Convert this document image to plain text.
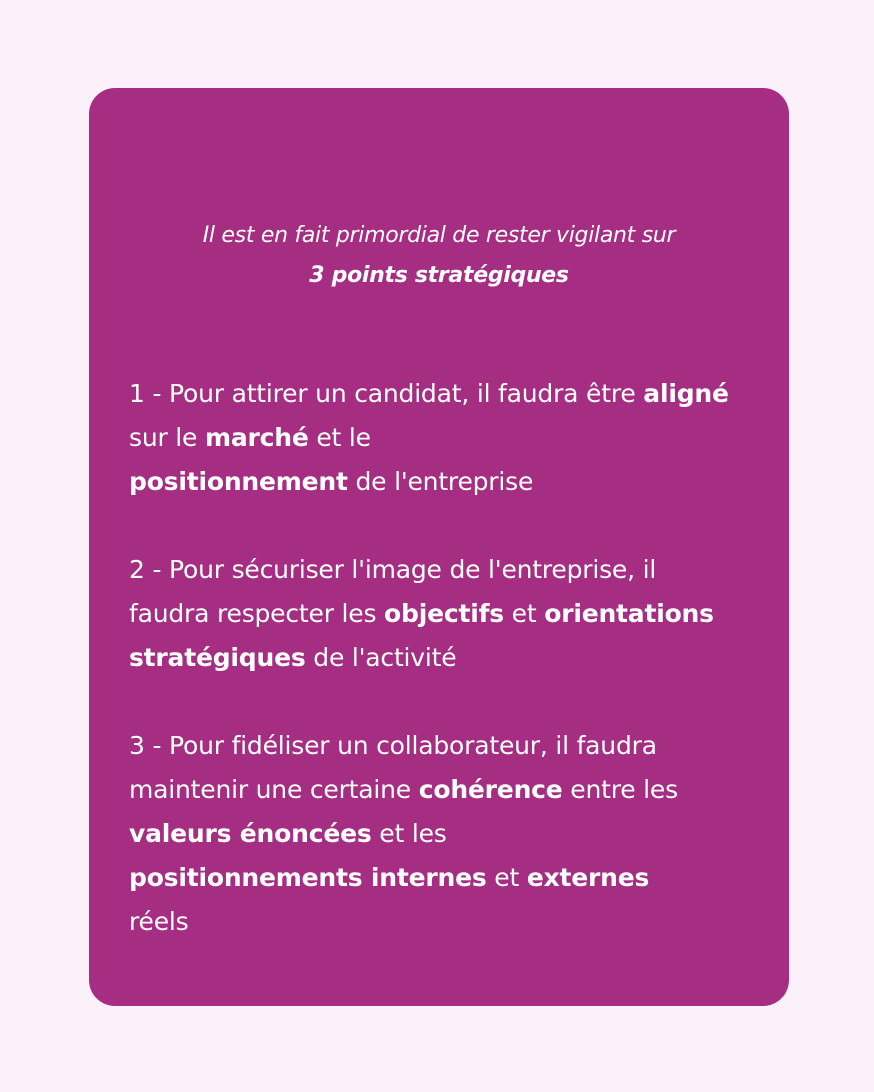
Il est en fait primordial de rester vigilant sur
3 points stratégiques

1 - Pour attirer un candidat, il faudra être aligné sur le marché et le
positionnement de l'entreprise

2 - Pour sécuriser l'image de l'entreprise, il faudra respecter les objectifs et orientations stratégiques de l'activité

3 - Pour fidéliser un collaborateur, il faudra maintenir une certaine cohérence entre les valeurs énoncées et les
positionnements internes et externes
réels
